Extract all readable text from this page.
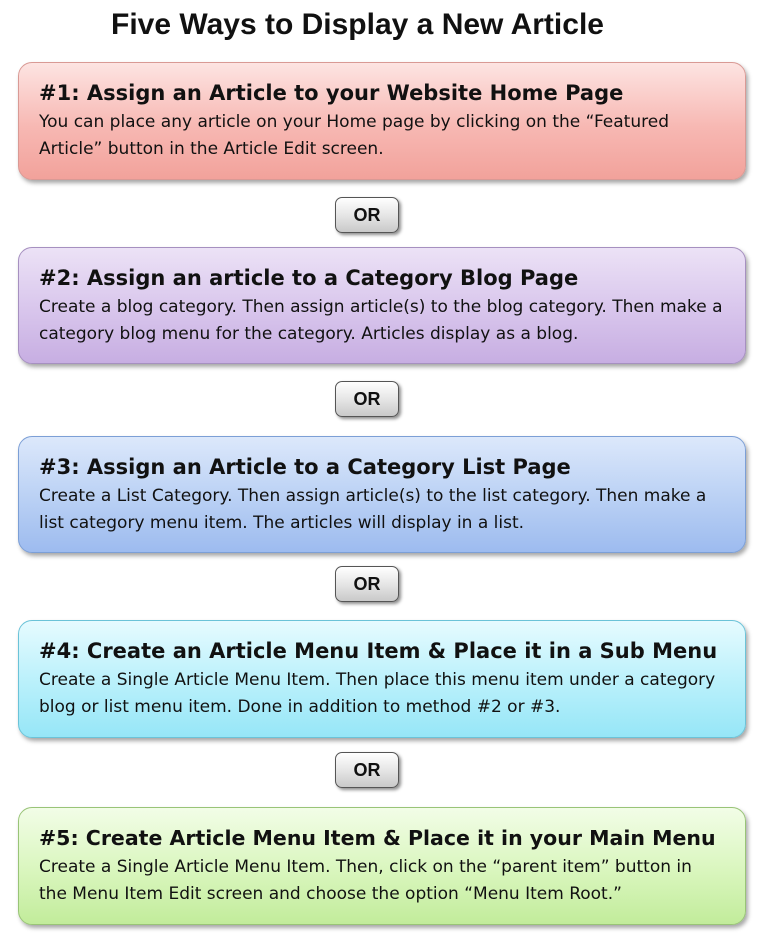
Five Ways to Display a New Article
#1: Assign an Article to your Website Home Page
You can place any article on your Home page by clicking on the “Featured Article” button in the Article Edit screen.
OR
#2: Assign an article to a Category Blog Page
Create a blog category. Then assign article(s) to the blog category. Then make a category blog menu for the category. Articles display as a blog.
OR
#3: Assign an Article to a Category List Page
Create a List Category. Then assign article(s) to the list category. Then make a list category menu item. The articles will display in a list.
OR
#4: Create an Article Menu Item & Place it in a Sub Menu
Create a Single Article Menu Item. Then place this menu item under a category blog or list menu item. Done in addition to method #2 or #3.
OR
#5: Create Article Menu Item & Place it in your Main Menu
Create a Single Article Menu Item. Then, click on the “parent item” button in the Menu Item Edit screen and choose the option “Menu Item Root.”
